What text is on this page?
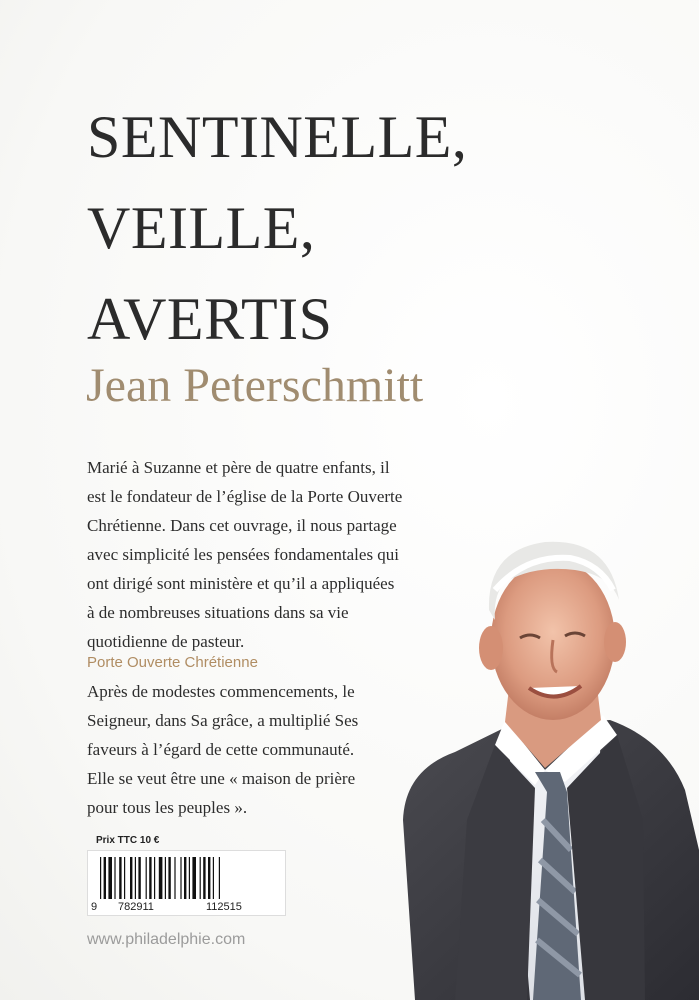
SENTINELLE,
VEILLE,
AVERTIS
Jean Peterschmitt

Marié à Suzanne et père de quatre enfants, il
est le fondateur de l’église de la Porte Ouverte
Chrétienne. Dans cet ouvrage, il nous partage
avec simplicité les pensées fondamentales qui
ont dirigé sont ministère et qu’il a appliquées
à de nombreuses situations dans sa vie
quotidienne de pasteur.

Porte Ouverte Chrétienne

Après de modestes commencements, le
Seigneur, dans Sa grâce, a multiplié Ses
faveurs à l’égard de cette communauté.
Elle se veut être une « maison de prière
pour tous les peuples ».

Prix TTC 10 €
9 782911	112515
www.philadelphie.com
